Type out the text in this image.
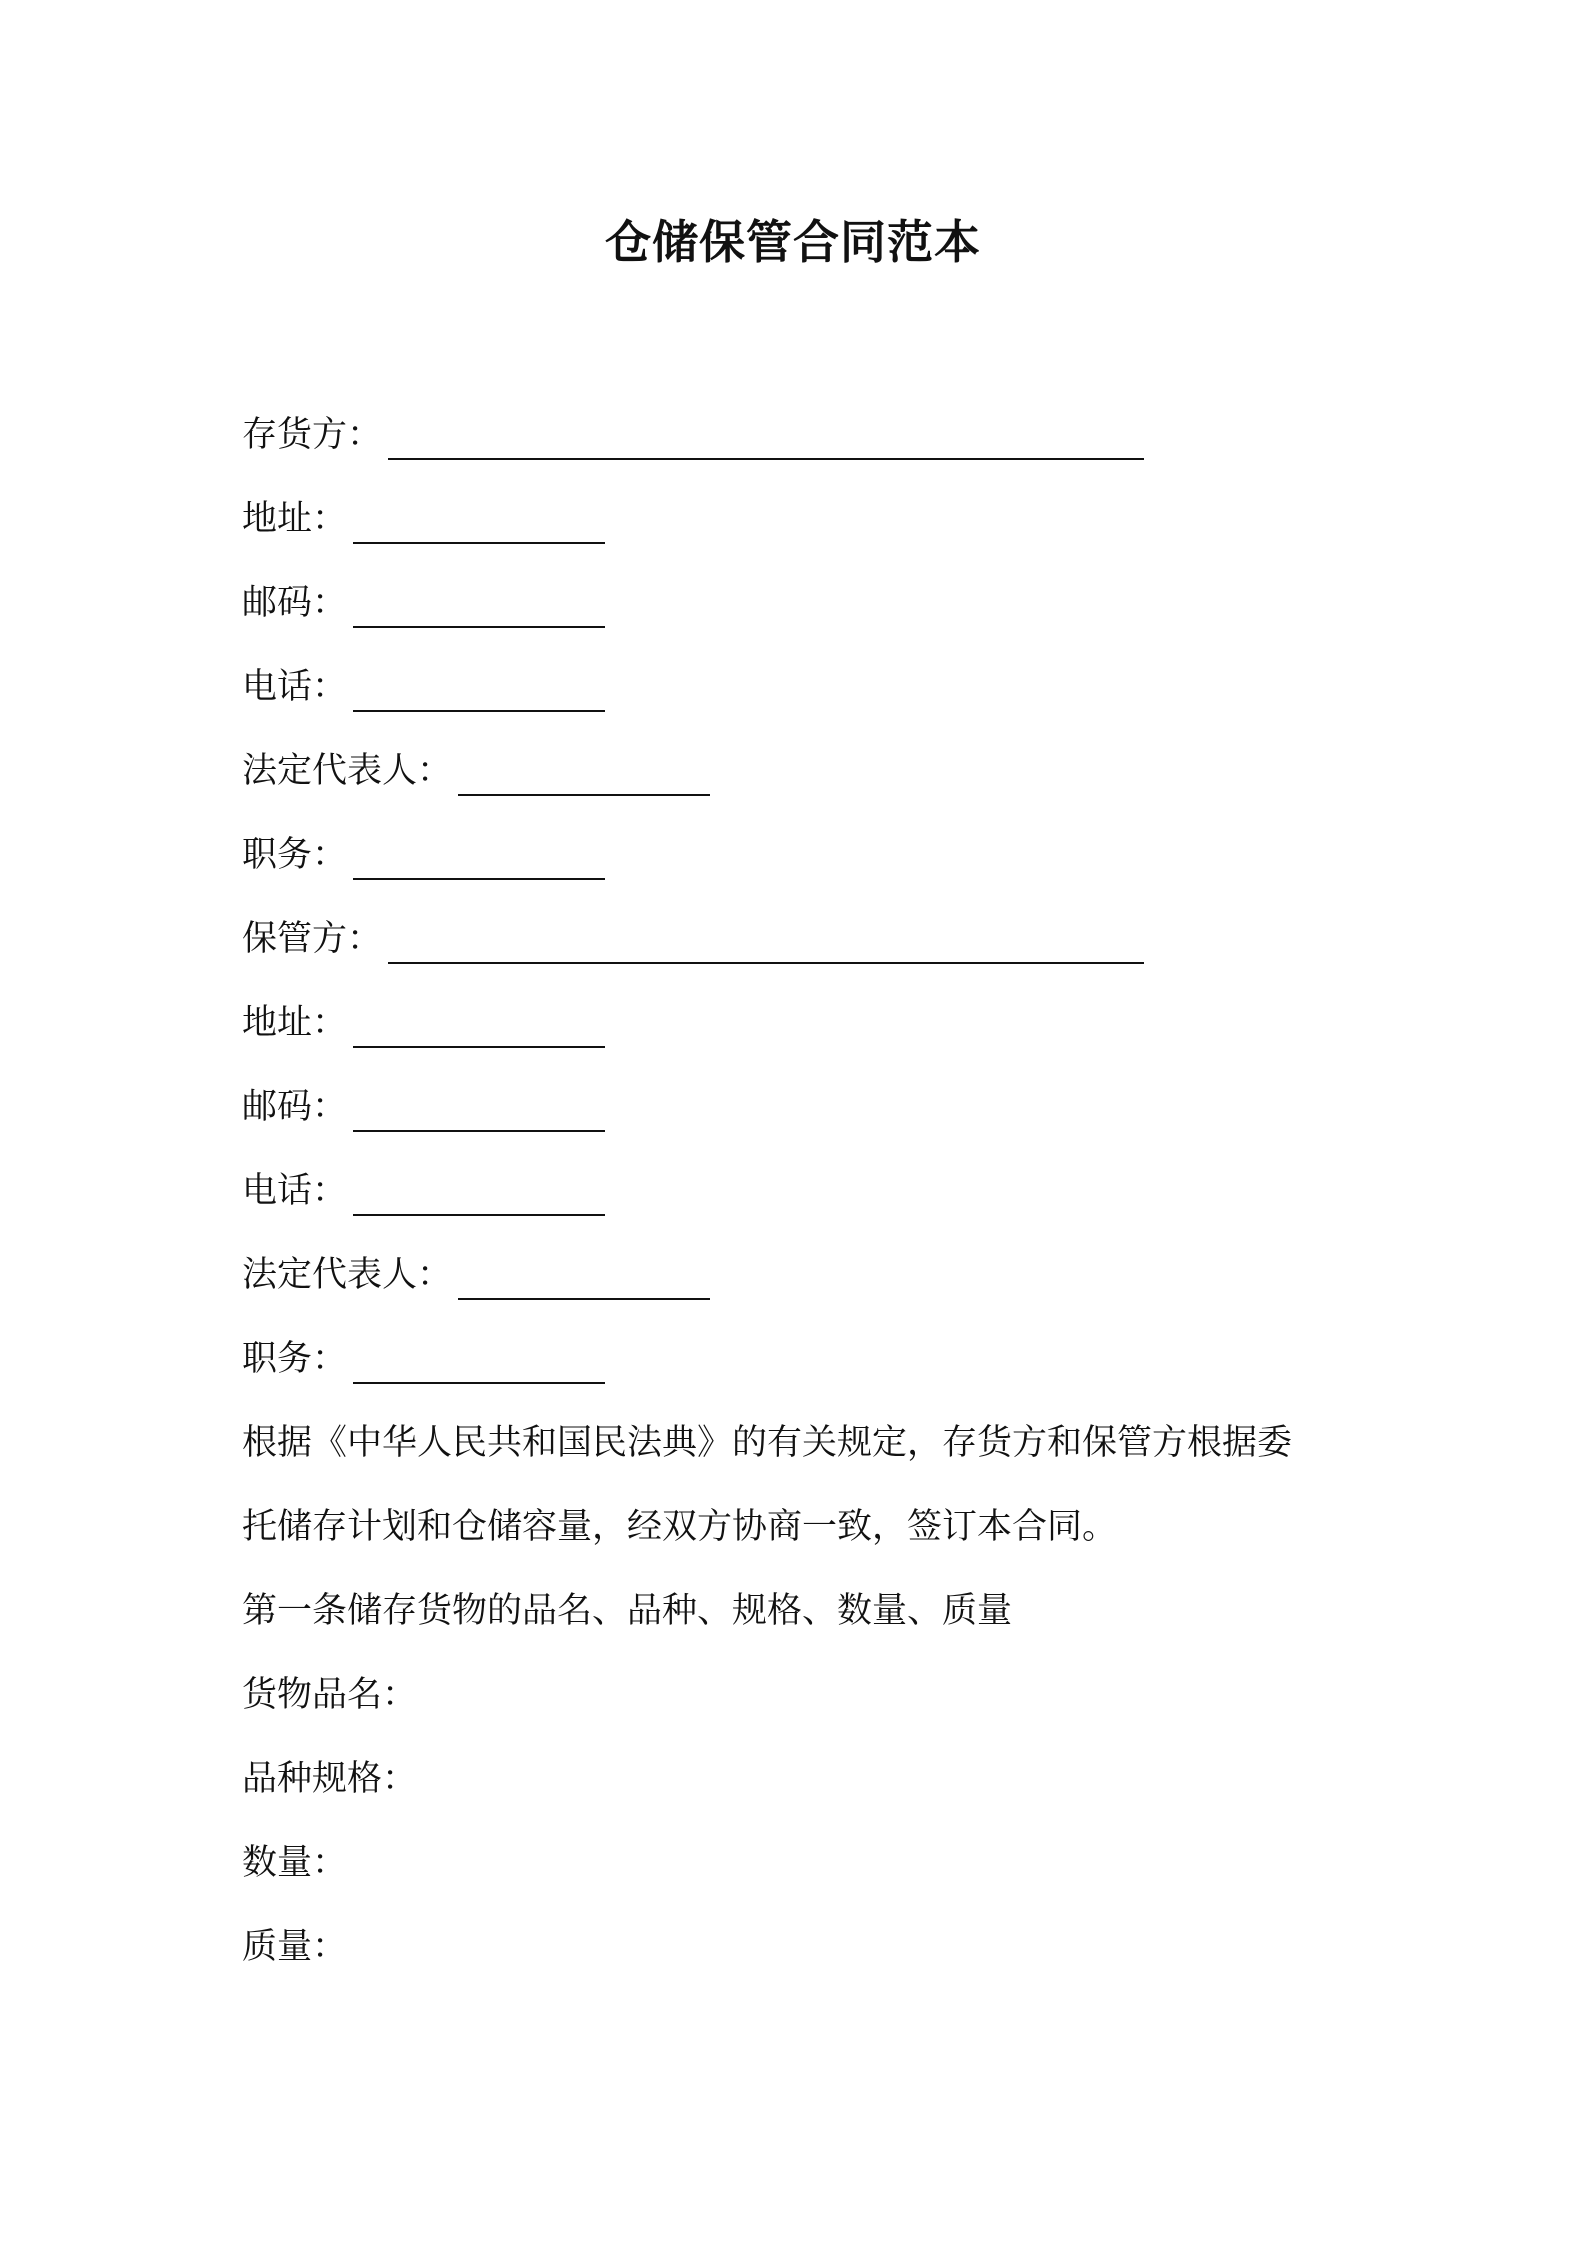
仓储保管合同范本
存货方：
地址：
邮码：
电话：
法定代表人：
职务：
保管方：
地址：
邮码：
电话：
法定代表人：
职务：
根据《中华人民共和国民法典》的有关规定，存货方和保管方根据委
托储存计划和仓储容量，经双方协商一致，签订本合同。
第一条储存货物的品名、品种、规格、数量、质量
货物品名：
品种规格：
数量：
质量：
